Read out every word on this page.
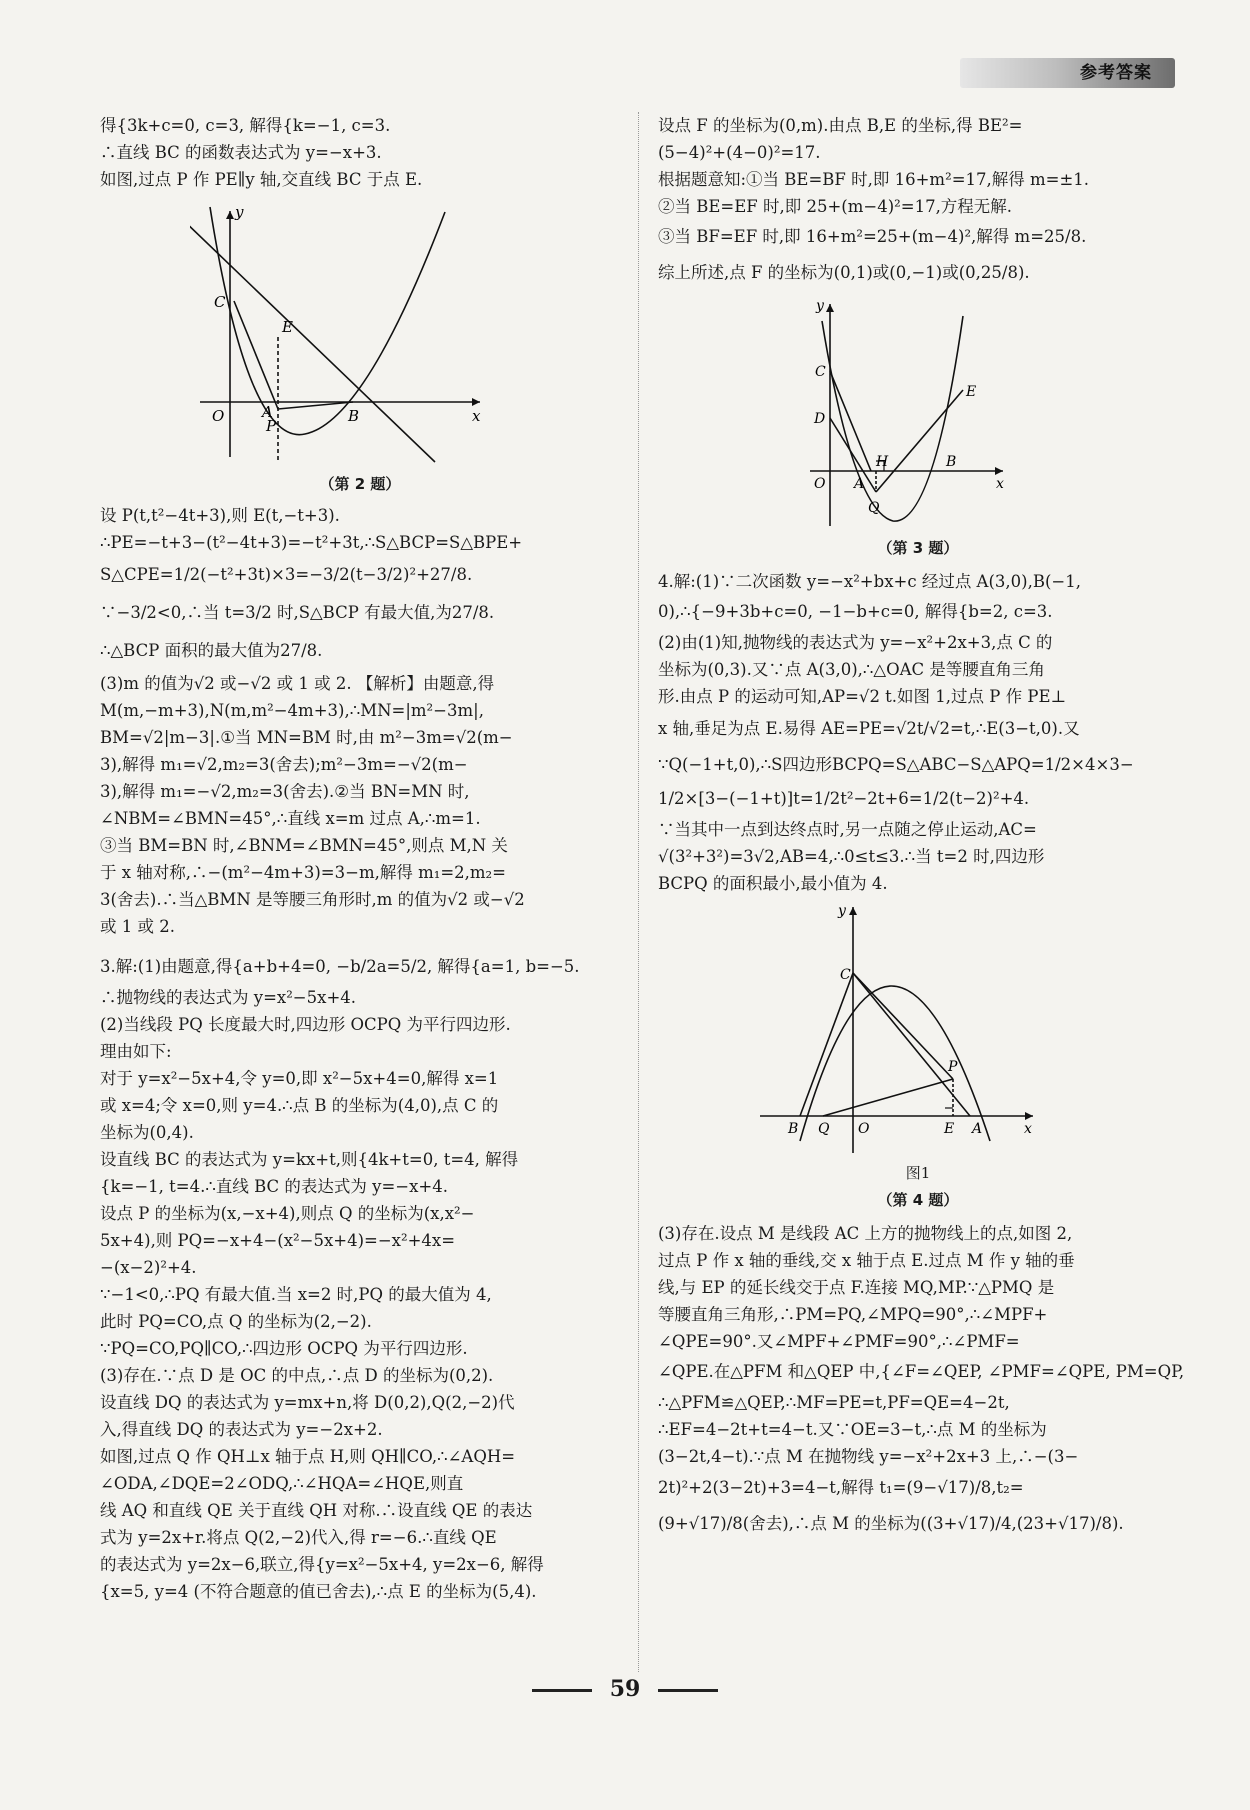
参考答案

得{3k+c=0, c=3, 解得{k=−1, c=3.

∴直线 BC 的函数表达式为 y=−x+3.

如图,过点 P 作 PE∥y 轴,交直线 BC 于点 E.

y
x
O
C
E
A
P
B
（第 2 题）

设 P(t,t²−4t+3),则 E(t,−t+3).

∴PE=−t+3−(t²−4t+3)=−t²+3t,∴S△BCP=S△BPE+

S△CPE=1/2(−t²+3t)×3=−3/2(t−3/2)²+27/8.

∵−3/2<0,∴当 t=3/2 时,S△BCP 有最大值,为27/8.

∴△BCP 面积的最大值为27/8.

(3)m 的值为√2 或−√2 或 1 或 2. 【解析】由题意,得

M(m,−m+3),N(m,m²−4m+3),∴MN=|m²−3m|,

BM=√2|m−3|.①当 MN=BM 时,由 m²−3m=√2(m−

3),解得 m₁=√2,m₂=3(舍去);m²−3m=−√2(m−

3),解得 m₁=−√2,m₂=3(舍去).②当 BN=MN 时,

∠NBM=∠BMN=45°,∴直线 x=m 过点 A,∴m=1.

③当 BM=BN 时,∠BNM=∠BMN=45°,则点 M,N 关

于 x 轴对称,∴−(m²−4m+3)=3−m,解得 m₁=2,m₂=

3(舍去).∴当△BMN 是等腰三角形时,m 的值为√2 或−√2

或 1 或 2.

3.解:(1)由题意,得{a+b+4=0, −b/2a=5/2, 解得{a=1, b=−5.

∴抛物线的表达式为 y=x²−5x+4.

(2)当线段 PQ 长度最大时,四边形 OCPQ 为平行四边形.

理由如下:

对于 y=x²−5x+4,令 y=0,即 x²−5x+4=0,解得 x=1

或 x=4;令 x=0,则 y=4.∴点 B 的坐标为(4,0),点 C 的

坐标为(0,4).

设直线 BC 的表达式为 y=kx+t,则{4k+t=0, t=4, 解得

{k=−1, t=4.∴直线 BC 的表达式为 y=−x+4.

设点 P 的坐标为(x,−x+4),则点 Q 的坐标为(x,x²−

5x+4),则 PQ=−x+4−(x²−5x+4)=−x²+4x=

−(x−2)²+4.

∵−1<0,∴PQ 有最大值.当 x=2 时,PQ 的最大值为 4,

此时 PQ=CO,点 Q 的坐标为(2,−2).

∵PQ=CO,PQ∥CO,∴四边形 OCPQ 为平行四边形.

(3)存在.∵点 D 是 OC 的中点,∴点 D 的坐标为(0,2).

设直线 DQ 的表达式为 y=mx+n,将 D(0,2),Q(2,−2)代

入,得直线 DQ 的表达式为 y=−2x+2.

如图,过点 Q 作 QH⊥x 轴于点 H,则 QH∥CO,∴∠AQH=

∠ODA,∠DQE=2∠ODQ,∴∠HQA=∠HQE,则直

线 AQ 和直线 QE 关于直线 QH 对称.∴设直线 QE 的表达

式为 y=2x+r.将点 Q(2,−2)代入,得 r=−6.∴直线 QE

的表达式为 y=2x−6,联立,得{y=x²−5x+4, y=2x−6, 解得

{x=5, y=4 (不符合题意的值已舍去),∴点 E 的坐标为(5,4).

设点 F 的坐标为(0,m).由点 B,E 的坐标,得 BE²=

(5−4)²+(4−0)²=17.

根据题意知:①当 BE=BF 时,即 16+m²=17,解得 m=±1.

②当 BE=EF 时,即 25+(m−4)²=17,方程无解.

③当 BF=EF 时,即 16+m²=25+(m−4)²,解得 m=25/8.

综上所述,点 F 的坐标为(0,1)或(0,−1)或(0,25/8).

y
x
O
C
D
E
H
A
B
Q
（第 3 题）

4.解:(1)∵二次函数 y=−x²+bx+c 经过点 A(3,0),B(−1,

0),∴{−9+3b+c=0, −1−b+c=0, 解得{b=2, c=3.

(2)由(1)知,抛物线的表达式为 y=−x²+2x+3,点 C 的

坐标为(0,3).又∵点 A(3,0),∴△OAC 是等腰直角三角

形.由点 P 的运动可知,AP=√2 t.如图 1,过点 P 作 PE⊥

x 轴,垂足为点 E.易得 AE=PE=√2t/√2=t,∴E(3−t,0).又

∵Q(−1+t,0),∴S四边形BCPQ=S△ABC−S△APQ=1/2×4×3−

1/2×[3−(−1+t)]t=1/2t²−2t+6=1/2(t−2)²+4.

∵当其中一点到达终点时,另一点随之停止运动,AC=

√(3²+3²)=3√2,AB=4,∴0≤t≤3.∴当 t=2 时,四边形

BCPQ 的面积最小,最小值为 4.

y
x
O
C
P
B Q	E A
图1
（第 4 题）

(3)存在.设点 M 是线段 AC 上方的抛物线上的点,如图 2,

过点 P 作 x 轴的垂线,交 x 轴于点 E.过点 M 作 y 轴的垂

线,与 EP 的延长线交于点 F.连接 MQ,MP.∵△PMQ 是

等腰直角三角形,∴PM=PQ,∠MPQ=90°,∴∠MPF+

∠QPE=90°.又∠MPF+∠PMF=90°,∴∠PMF=

∠QPE.在△PFM 和△QEP 中,{∠F=∠QEP, ∠PMF=∠QPE, PM=QP,

∴△PFM≌△QEP,∴MF=PE=t,PF=QE=4−2t,

∴EF=4−2t+t=4−t.又∵OE=3−t,∴点 M 的坐标为

(3−2t,4−t).∵点 M 在抛物线 y=−x²+2x+3 上,∴−(3−

2t)²+2(3−2t)+3=4−t,解得 t₁=(9−√17)/8,t₂=

(9+√17)/8(舍去),∴点 M 的坐标为((3+√17)/4,(23+√17)/8).

59
